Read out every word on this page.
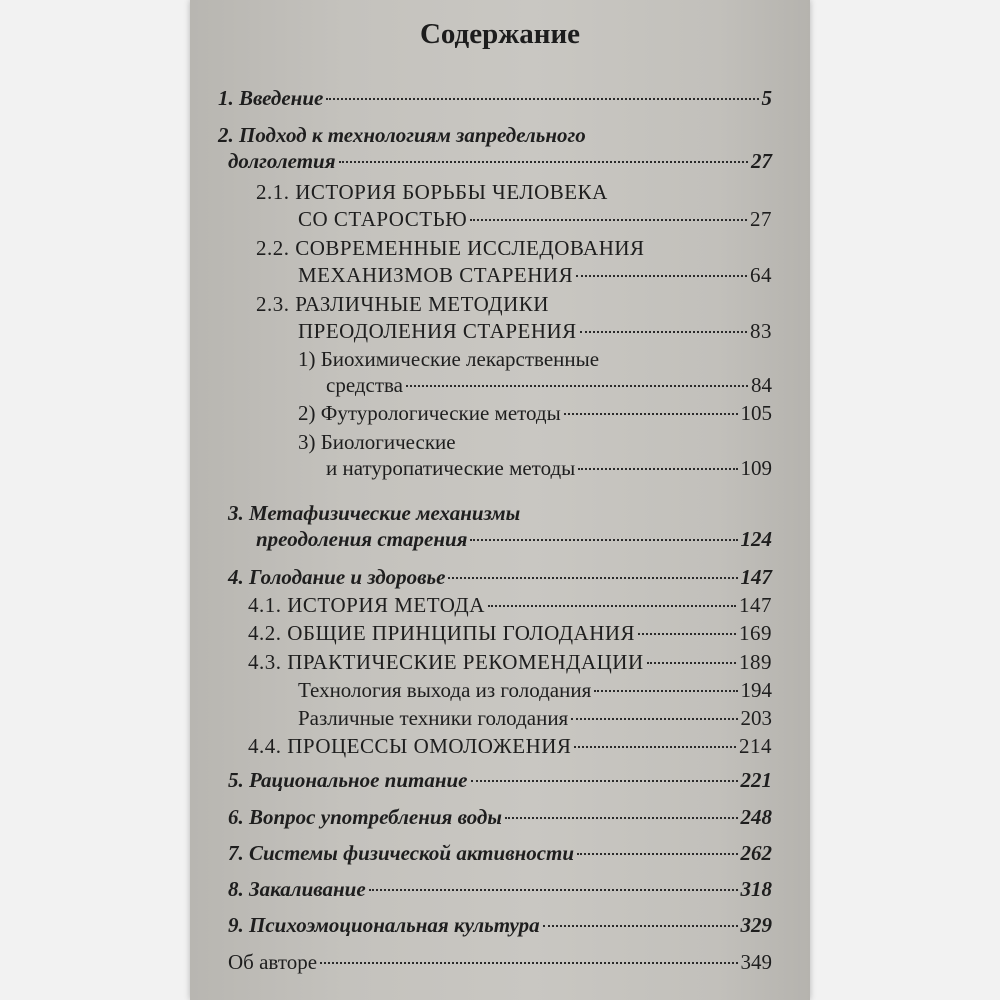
Содержание
1. Введение	5
2. Подход к технологиям запредельного
долголетия	27
2.1. ИСТОРИЯ БОРЬБЫ ЧЕЛОВЕКА
СО СТАРОСТЬЮ	27
2.2. СОВРЕМЕННЫЕ ИССЛЕДОВАНИЯ
МЕХАНИЗМОВ СТАРЕНИЯ	64
2.3. РАЗЛИЧНЫЕ МЕТОДИКИ
ПРЕОДОЛЕНИЯ СТАРЕНИЯ	83
1) Биохимические лекарственные
средства	84
2) Футурологические методы	105
3) Биологические
и натуропатические методы	109
3. Метафизические механизмы
преодоления старения	124
4. Голодание и здоровье	147
4.1. ИСТОРИЯ МЕТОДА	147
4.2. ОБЩИЕ ПРИНЦИПЫ ГОЛОДАНИЯ	169
4.3. ПРАКТИЧЕСКИЕ РЕКОМЕНДАЦИИ	189
Технология выхода из голодания	194
Различные техники голодания	203
4.4. ПРОЦЕССЫ ОМОЛОЖЕНИЯ	214
5. Рациональное питание	221
6. Вопрос употребления воды	248
7. Системы физической активности	262
8. Закаливание	318
9. Психоэмоциональная культура	329
Об авторе	349
